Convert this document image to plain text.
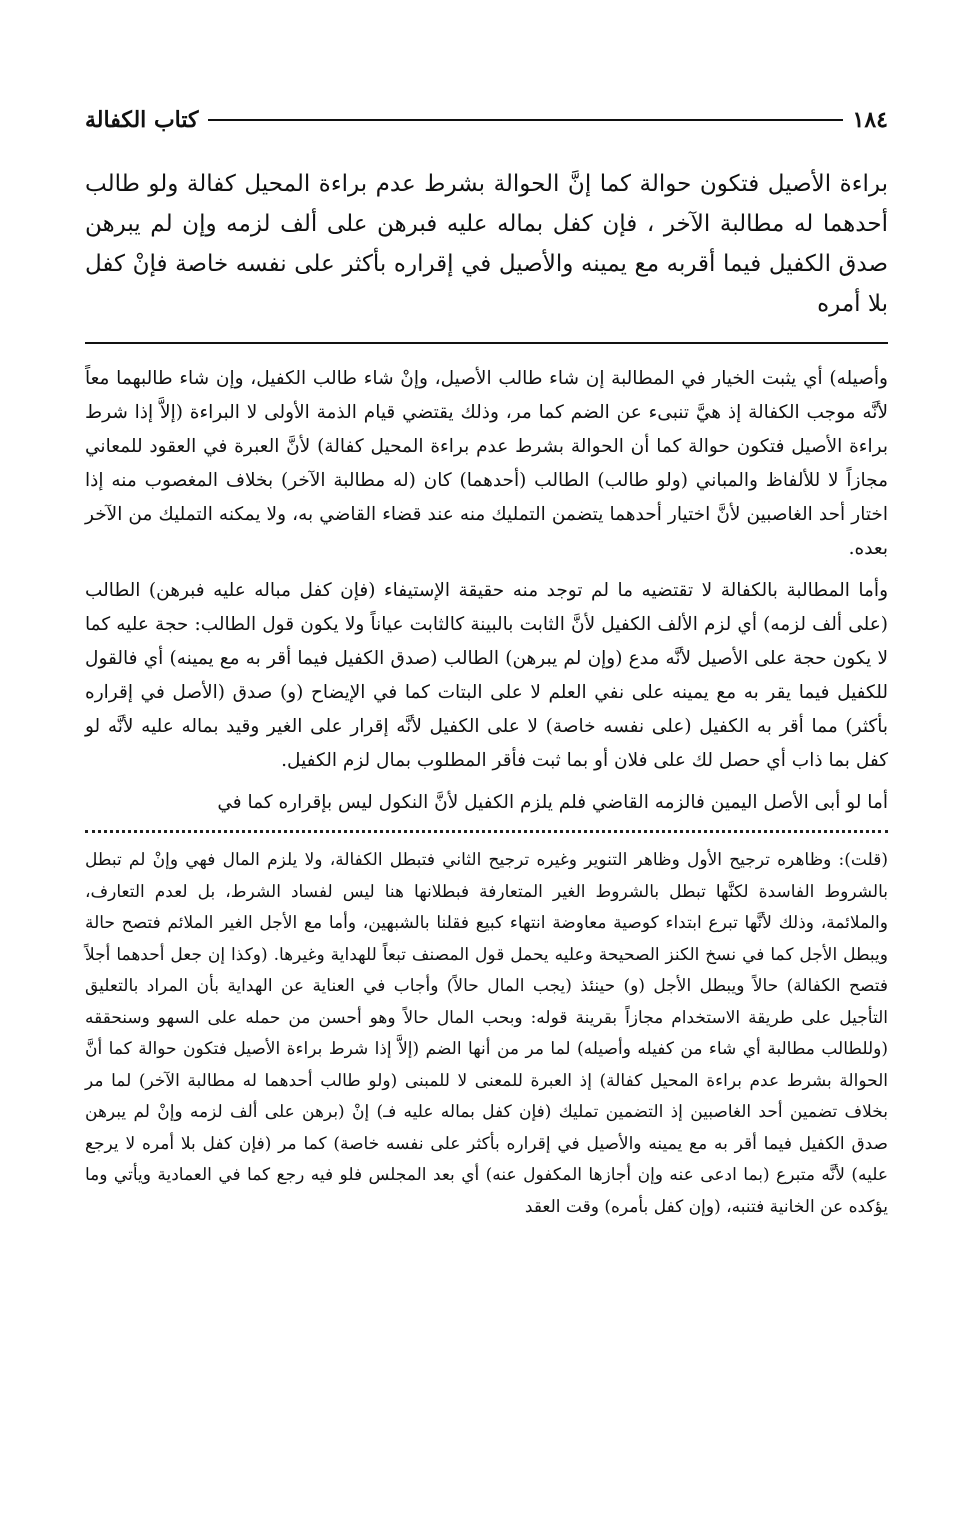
١٨٤
كتاب الكفالة

براءة الأصيل فتكون حوالة كما إنَّ الحوالة بشرط عدم براءة المحيل كفالة ولو طالب أحدهما له مطالبة الآخر ، فإن كفل بماله عليه فبرهن على ألف لزمه وإن لم يبرهن صدق الكفيل فيما أقربه مع يمينه والأصيل في إقراره بأكثر على نفسه خاصة فإنْ كفل بلا أمره

وأصيله) أي يثبت الخيار في المطالبة إن شاء طالب الأصيل، وإنْ شاء طالب الكفيل، وإن شاء طالبهما معاً لأنَّه موجب الكفالة إذ هيَّ تنبىء عن الضم كما مر، وذلك يقتضي قيام الذمة الأولى لا البراءة (إلاَّ إذا شرط براءة الأصيل فتكون حوالة كما أن الحوالة بشرط عدم براءة المحيل كفالة) لأنَّ العبرة في العقود للمعاني مجازاً لا للألفاظ والمباني (ولو طالب) الطالب (أحدهما) كان (له مطالبة الآخر) بخلاف المغصوب منه إذا اختار أحد الغاصبين لأنَّ اختيار أحدهما يتضمن التمليك منه عند قضاء القاضي به، ولا يمكنه التمليك من الآخر بعده.

وأما المطالبة بالكفالة لا تقتضيه ما لم توجد منه حقيقة الإستيفاء (فإن كفل مباله عليه فبرهن) الطالب (على ألف لزمه) أي لزم الألف الكفيل لأنَّ الثابت بالبينة كالثابت عياناً ولا يكون قول الطالب: حجة عليه كما لا يكون حجة على الأصيل لأنَّه مدع (وإن لم يبرهن) الطالب (صدق الكفيل فيما أقر به مع يمينه) أي فالقول للكفيل فيما يقر به مع يمينه على نفي العلم لا على البتات كما في الإيضاح (و) صدق (الأصل في إقراره بأكثر) مما أقر به الكفيل (على نفسه خاصة) لا على الكفيل لأنَّه إقرار على الغير وقيد بماله عليه لأنَّه لو كفل بما ذاب أي حصل لك على فلان أو بما ثبت فأقر المطلوب بمال لزم الكفيل.

أما لو أبى الأصل اليمين فالزمه القاضي فلم يلزم الكفيل لأنَّ النكول ليس بإقراره كما في

(قلت): وظاهره ترجيح الأول وظاهر التنوير وغيره ترجيح الثاني فتبطل الكفالة، ولا يلزم المال فهي وإنْ لم تبطل بالشروط الفاسدة لكنَّها تبطل بالشروط الغير المتعارفة فبطلانها هنا ليس لفساد الشرط، بل لعدم التعارف، والملائمة، وذلك لأنَّها تبرع ابتداء كوصية معاوضة انتهاء كبيع فقلنا بالشبهين، وأما مع الأجل الغير الملائم فتصح حالة ويبطل الأجل كما في نسخ الكنز الصحيحة وعليه يحمل قول المصنف تبعاً للهداية وغيرها. (وكذا إن جعل أحدهما أجلاً فتصح الكفالة) حالاً ويبطل الأجل (و) حينئذ (يجب المال حالاً) وأجاب في العناية عن الهداية بأن المراد بالتعليق التأجيل على طريقة الاستخدام مجازاً بقرينة قوله: وبحب المال حالاً وهو أحسن من حمله على السهو وسنحققه (وللطالب مطالبة أي شاء من كفيله وأصيله) لما مر من أنها الضم (إلاَّ إذا شرط براءة الأصيل فتكون حوالة كما أنَّ الحوالة بشرط عدم براءة المحيل كفالة) إذ العبرة للمعنى لا للمبنى (ولو طالب أحدهما له مطالبة الآخر) لما مر بخلاف تضمين أحد الغاصبين إذ التضمين تمليك (فإن كفل بماله عليه فـ) إنْ (برهن على ألف لزمه وإنْ لم يبرهن صدق الكفيل فيما أقر به مع يمينه والأصيل في إقراره بأكثر على نفسه خاصة) كما مر (فإن كفل بلا أمره لا يرجع عليه) لأنَّه متبرع (بما ادعى عنه وإن أجازها المكفول عنه) أي بعد المجلس فلو فيه رجع كما في العمادية ويأتي وما يؤكده عن الخانية فتنبه، (وإن كفل بأمره) وقت العقد
